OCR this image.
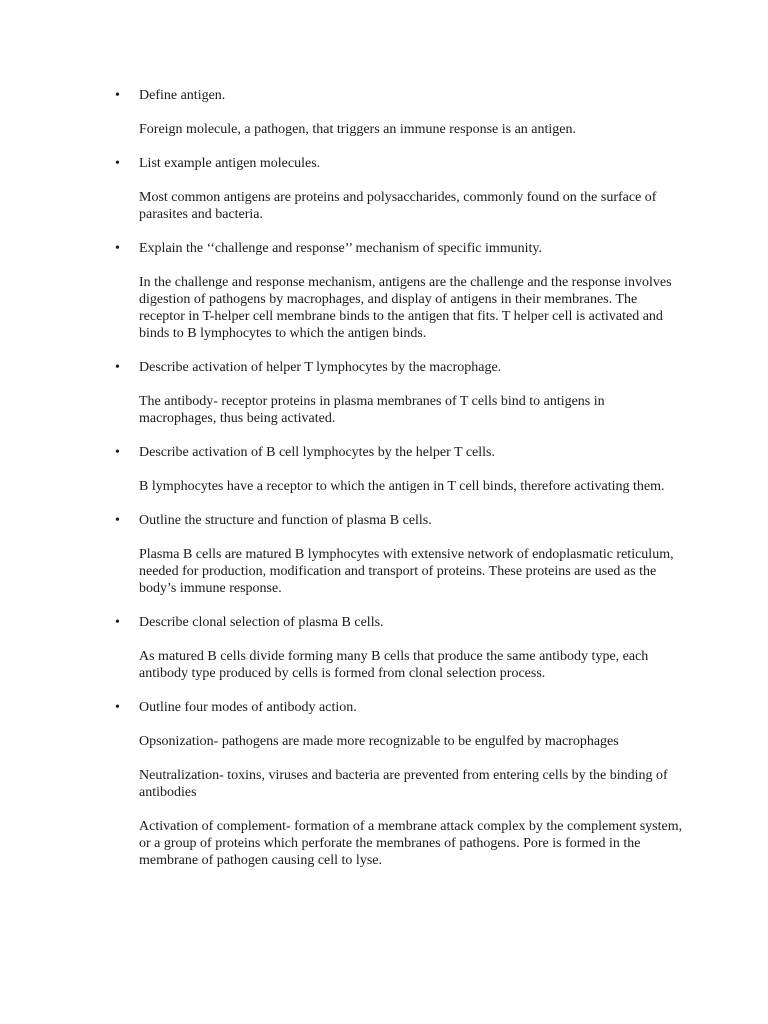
• Define antigen.

Foreign molecule, a pathogen, that triggers an immune response is an antigen.

• List example antigen molecules.

Most common antigens are proteins and polysaccharides, commonly found on the surface of parasites and bacteria.

• Explain the ‘‘challenge and response’’ mechanism of specific immunity.

In the challenge and response mechanism, antigens are the challenge and the response involves digestion of pathogens by macrophages, and display of antigens in their membranes. The receptor in T-helper cell membrane binds to the antigen that fits. T helper cell is activated and binds to B lymphocytes to which the antigen binds.

• Describe activation of helper T lymphocytes by the macrophage.

The antibody- receptor proteins in plasma membranes of T cells bind to antigens in macrophages, thus being activated.

• Describe activation of B cell lymphocytes by the helper T cells.

B lymphocytes have a receptor to which the antigen in T cell binds, therefore activating them.

• Outline the structure and function of plasma B cells.

Plasma B cells are matured B lymphocytes with extensive network of endoplasmatic reticulum, needed for production, modification and transport of proteins. These proteins are used as the body’s immune response.

• Describe clonal selection of plasma B cells.

As matured B cells divide forming many B cells that produce the same antibody type, each antibody type produced by cells is formed from clonal selection process.

• Outline four modes of antibody action.

Opsonization- pathogens are made more recognizable to be engulfed by macrophages

Neutralization- toxins, viruses and bacteria are prevented from entering cells by the binding of antibodies

Activation of complement- formation of a membrane attack complex by the complement system, or a group of proteins which perforate the membranes of pathogens. Pore is formed in the membrane of pathogen causing cell to lyse.
